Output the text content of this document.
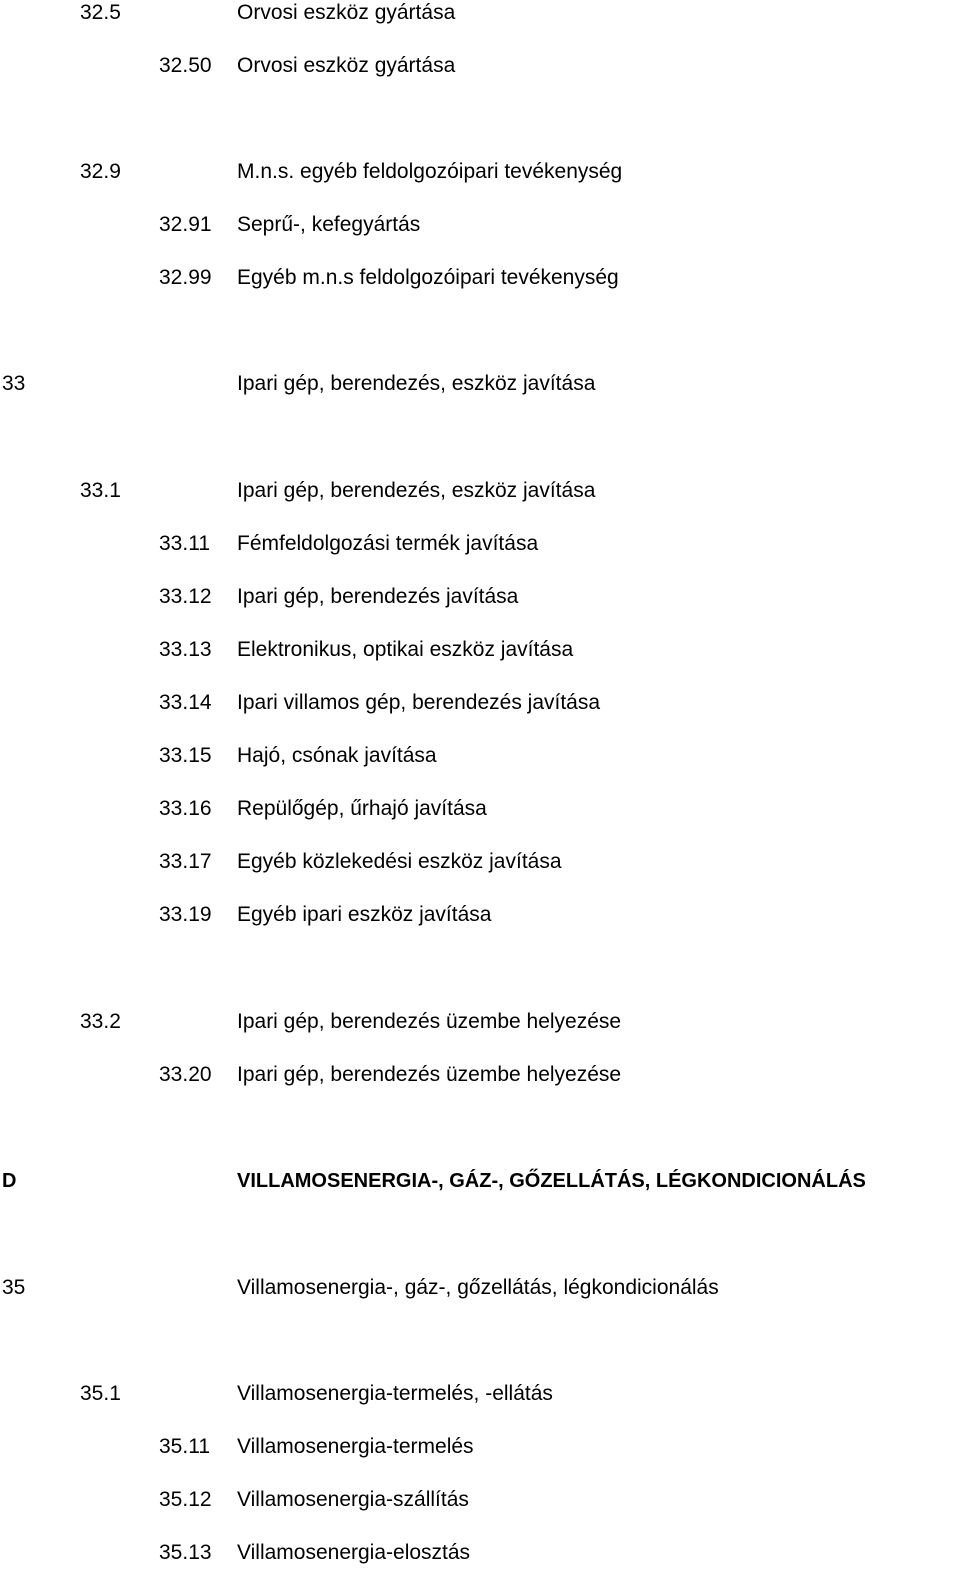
32.5	Orvosi eszköz gyártása
32.50 Orvosi eszköz gyártása
32.9	M.n.s. egyéb feldolgozóipari tevékenység
32.91 Seprű-, kefegyártás
32.99 Egyéb m.n.s feldolgozóipari tevékenység
33	Ipari gép, berendezés, eszköz javítása
33.1	Ipari gép, berendezés, eszköz javítása
33.11 Fémfeldolgozási termék javítása
33.12 Ipari gép, berendezés javítása
33.13 Elektronikus, optikai eszköz javítása
33.14 Ipari villamos gép, berendezés javítása
33.15 Hajó, csónak javítása
33.16 Repülőgép, űrhajó javítása
33.17 Egyéb közlekedési eszköz javítása
33.19 Egyéb ipari eszköz javítása
33.2	Ipari gép, berendezés üzembe helyezése
33.20 Ipari gép, berendezés üzembe helyezése
D	VILLAMOSENERGIA-, GÁZ-, GŐZELLÁTÁS, LÉGKONDICIONÁLÁS
35	Villamosenergia-, gáz-, gőzellátás, légkondicionálás
35.1	Villamosenergia-termelés, -ellátás
35.11 Villamosenergia-termelés
35.12 Villamosenergia-szállítás
35.13 Villamosenergia-elosztás
